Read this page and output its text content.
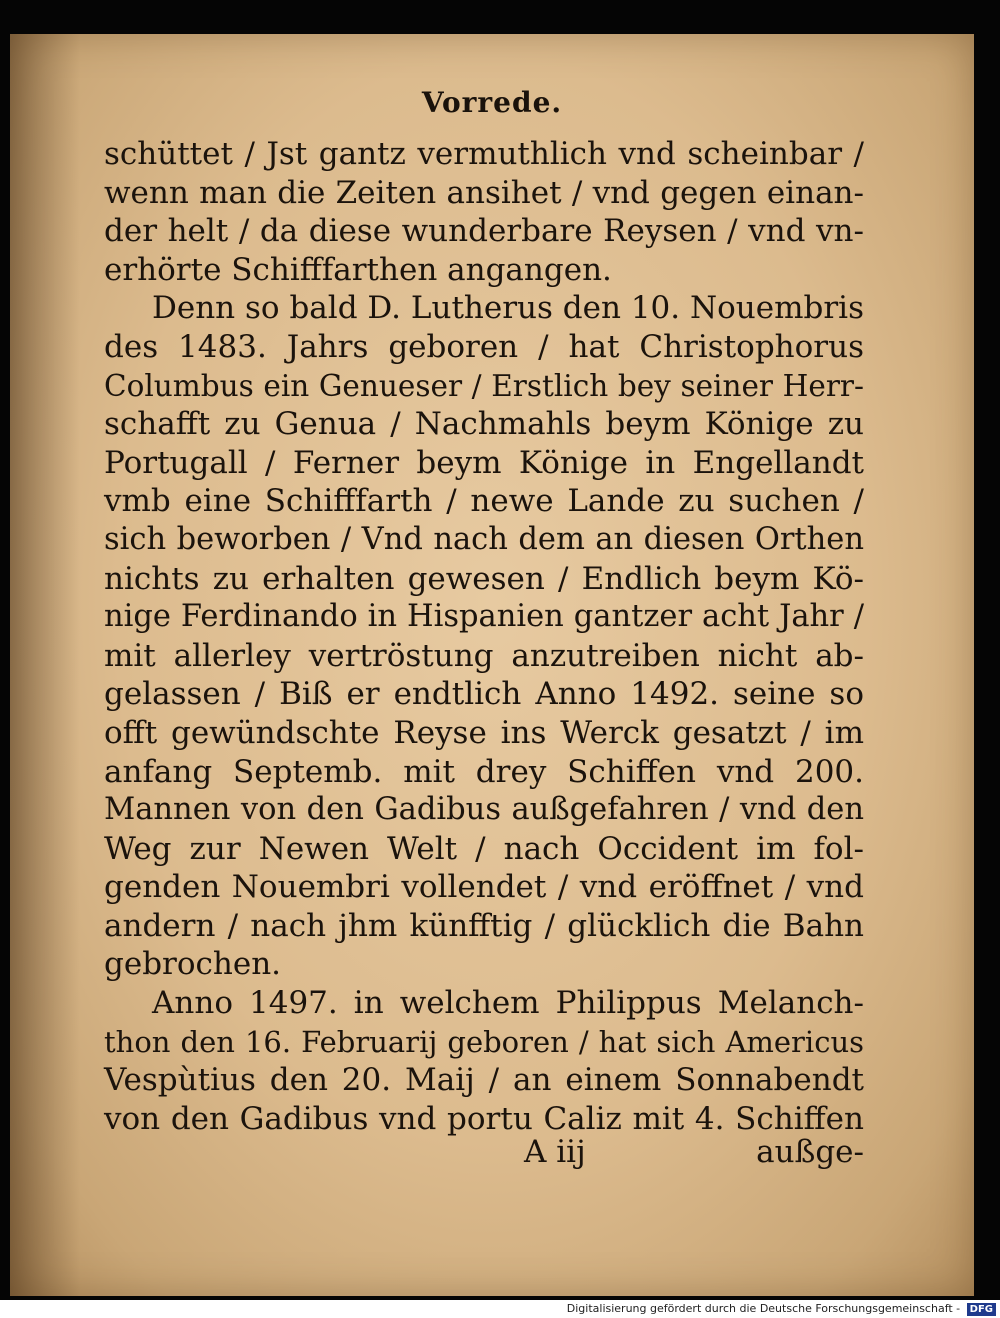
Vorrede.
schüttet / Jst gantz vermuthlich vnd scheinbar /
wenn man die Zeiten ansihet / vnd gegen einan-
der helt / da diese wunderbare Reysen / vnd vn-
erhörte Schifffarthen angangen.
Denn so bald D. Lutherus den 10. Nouembris
des 1483. Jahrs geboren / hat Christophorus
Columbus ein Genueser / Erstlich bey seiner Herr-
schafft zu Genua / Nachmahls beym Könige zu
Portugall / Ferner beym Könige in Engellandt
vmb eine Schifffarth / newe Lande zu suchen /
sich beworben / Vnd nach dem an diesen Orthen
nichts zu erhalten gewesen / Endlich beym Kö-
nige Ferdinando in Hispanien gantzer acht Jahr /
mit allerley vertröstung anzutreiben nicht ab-
gelassen / Biß er endtlich Anno 1492. seine so
offt gewündschte Reyse ins Werck gesatzt / im
anfang Septemb. mit drey Schiffen vnd 200.
Mannen von den Gadibus außgefahren / vnd den
Weg zur Newen Welt / nach Occident im fol-
genden Nouembri vollendet / vnd eröffnet / vnd
andern / nach jhm künfftig / glücklich die Bahn
gebrochen.
Anno 1497. in welchem Philippus Melanch-
thon den 16. Februarij geboren / hat sich Americus
Vespùtius den 20. Maij / an einem Sonnabendt
von den Gadibus vnd portu Caliz mit 4. Schiffen
A iij	außge-
Digitalisierung gefördert durch die Deutsche Forschungsgemeinschaft - DFG
